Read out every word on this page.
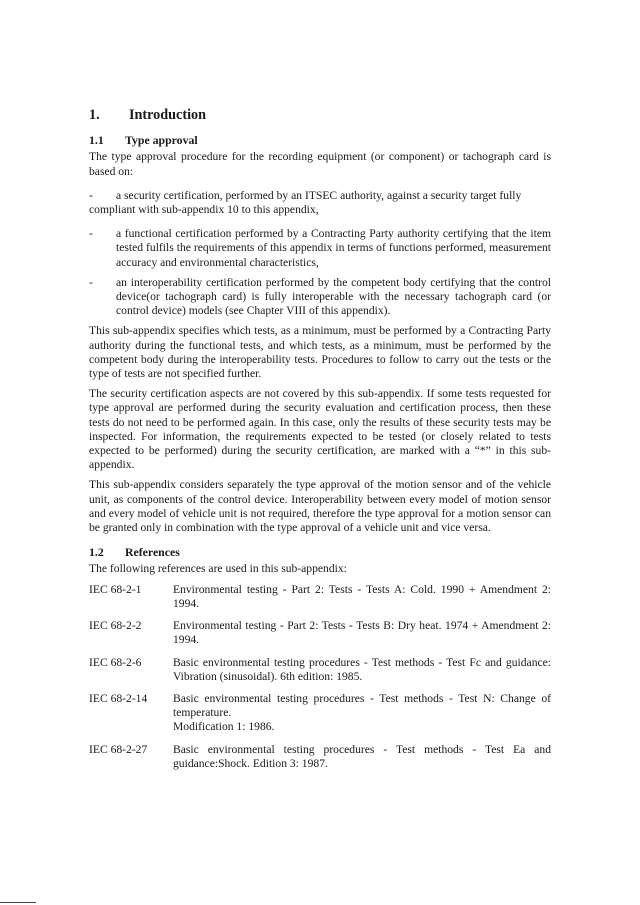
1.	Introduction
1.1	Type approval
The type approval procedure for the recording equipment (or component) or tachograph card is based on:
- a security certification, performed by an ITSEC authority, against a security target fully compliant with sub-appendix 10 to this appendix,
-	a functional certification performed by a Contracting Party authority certifying that the item tested fulfils the requirements of this appendix in terms of functions performed, measurement accuracy and environmental characteristics,
-	an interoperability certification performed by the competent body certifying that the control device(or tachograph card) is fully interoperable with the necessary tachograph card (or control device) models (see Chapter VIII of this appendix).
This sub-appendix specifies which tests, as a minimum, must be performed by a Contracting Party authority during the functional tests, and which tests, as a minimum, must be performed by the competent body during the interoperability tests. Procedures to follow to carry out the tests or the type of tests are not specified further.
The security certification aspects are not covered by this sub-appendix. If some tests requested for type approval are performed during the security evaluation and certification process, then these tests do not need to be performed again. In this case, only the results of these security tests may be inspected. For information, the requirements expected to be tested (or closely related to tests expected to be performed) during the security certification, are marked with a “*” in this sub-appendix.
This sub-appendix considers separately the type approval of the motion sensor and of the vehicle unit, as components of the control device. Interoperability between every model of motion sensor and every model of vehicle unit is not required, therefore the type approval for a motion sensor can be granted only in combination with the type approval of a vehicle unit and vice versa.
1.2	References
The following references are used in this sub-appendix:
IEC 68-2-1	Environmental testing - Part 2: Tests - Tests A: Cold. 1990 + Amendment 2: 1994.
IEC 68-2-2	Environmental testing - Part 2: Tests - Tests B: Dry heat. 1974 + Amendment 2: 1994.
IEC 68-2-6	Basic environmental testing procedures - Test methods - Test Fc and guidance: Vibration (sinusoidal). 6th edition: 1985.
IEC 68-2-14	Basic environmental testing procedures - Test methods - Test N: Change of temperature.
Modification 1: 1986.
IEC 68-2-27	Basic environmental testing procedures - Test methods - Test Ea and guidance:Shock. Edition 3: 1987.
